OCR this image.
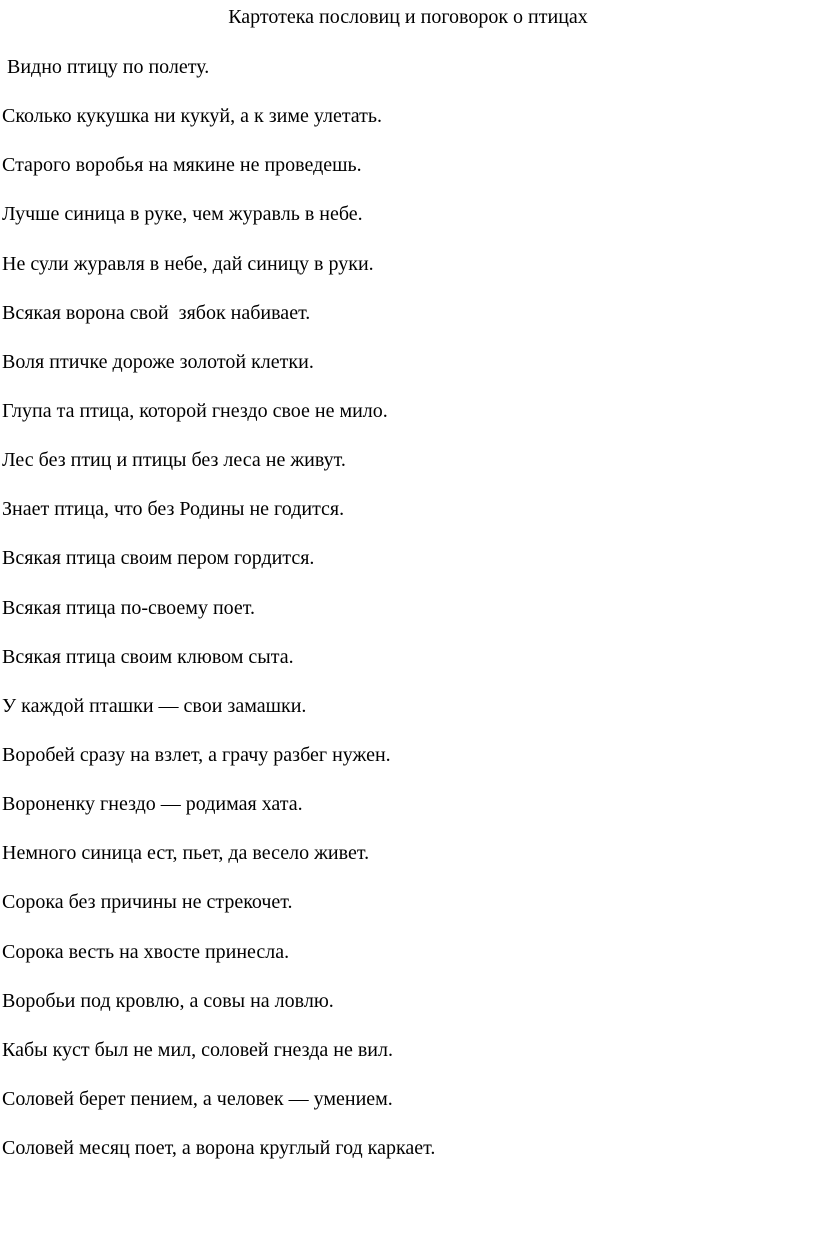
Картотека пословиц и поговорок о птицах
Видно птицу по полету.
Сколько кукушка ни кукуй, а к зиме улетать.
Старого воробья на мякине не проведешь.
Лучше синица в руке, чем журавль в небе.
Не сули журавля в небе, дай синицу в руки.
Всякая ворона свой  зябок набивает.
Воля птичке дороже золотой клетки.
Глупа та птица, которой гнездо свое не мило.
Лес без птиц и птицы без леса не живут.
Знает птица, что без Родины не годится.
Всякая птица своим пером гордится.
Всякая птица по-своему поет.
Всякая птица своим клювом сыта.
У каждой пташки — свои замашки.
Воробей сразу на взлет, а грачу разбег нужен.
Вороненку гнездо — родимая хата.
Немного синица ест, пьет, да весело живет.
Сорока без причины не стрекочет.
Сорока весть на хвосте принесла.
Воробьи под кровлю, а совы на ловлю.
Кабы куст был не мил, соловей гнезда не вил.
Соловей берет пением, а человек — умением.
Соловей месяц поет, а ворона круглый год каркает.
